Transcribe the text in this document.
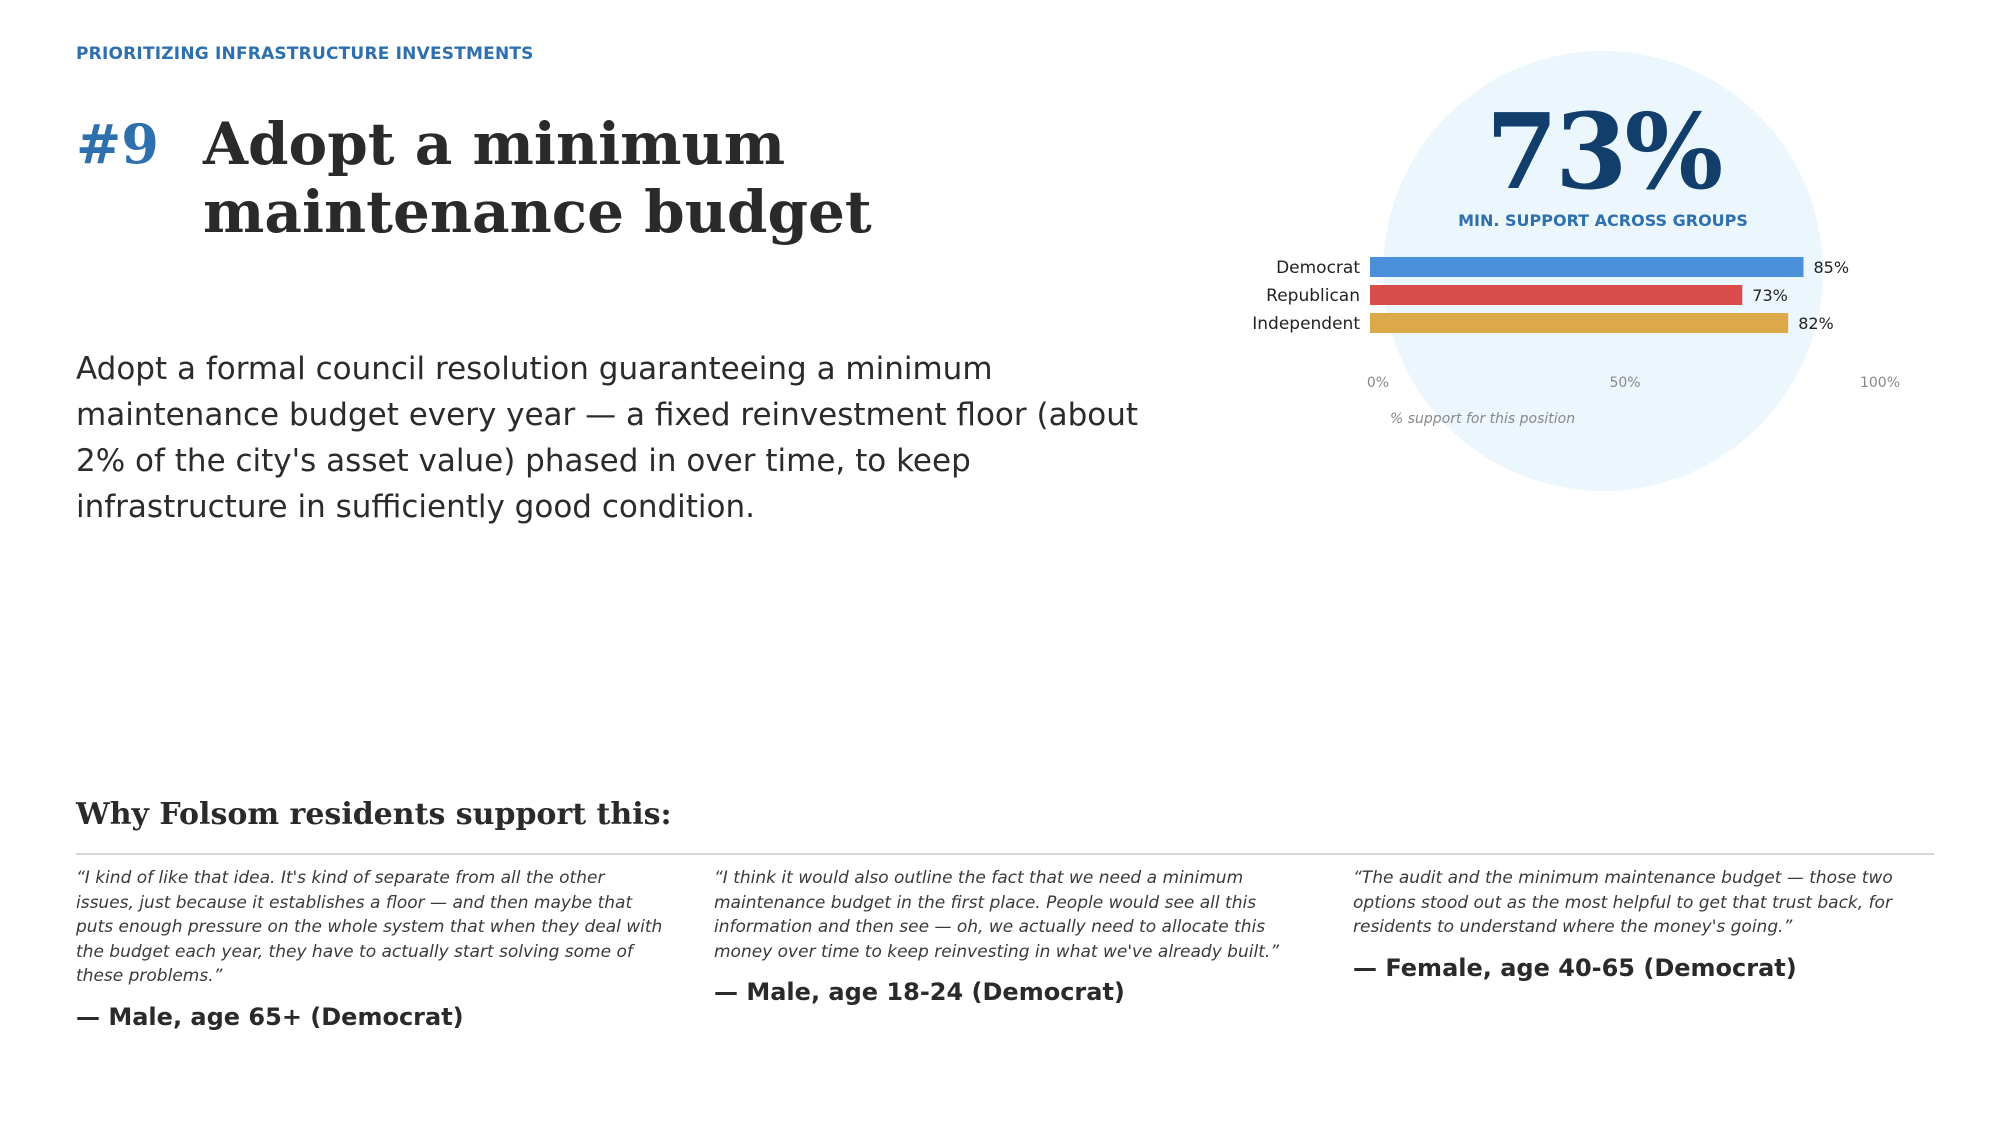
PRIORITIZING INFRASTRUCTURE INVESTMENTS
#9 Adopt a minimum maintenance budget

Adopt a formal council resolution guaranteeing a minimum maintenance budget every year — a fixed reinvestment floor (about 2% of the city's asset value) phased in over time, to keep infrastructure in sufficiently good condition.

73%
MIN. SUPPORT ACROSS GROUPS
Democrat	85%
Republican	73%
Independent	82%
0%	50%	100%
% support for this position
Why Folsom residents support this:

“I kind of like that idea. It's kind of separate from all the other issues, just because it establishes a floor — and then maybe that puts enough pressure on the whole system that when they deal with the budget each year, they have to actually start solving some of these problems.”

— Male, age 65+ (Democrat)

“I think it would also outline the fact that we need a minimum maintenance budget in the first place. People would see all this information and then see — oh, we actually need to allocate this money over time to keep reinvesting in what we've already built.”

— Male, age 18-24 (Democrat)

“The audit and the minimum maintenance budget — those two options stood out as the most helpful to get that trust back, for residents to understand where the money's going.”

— Female, age 40-65 (Democrat)
